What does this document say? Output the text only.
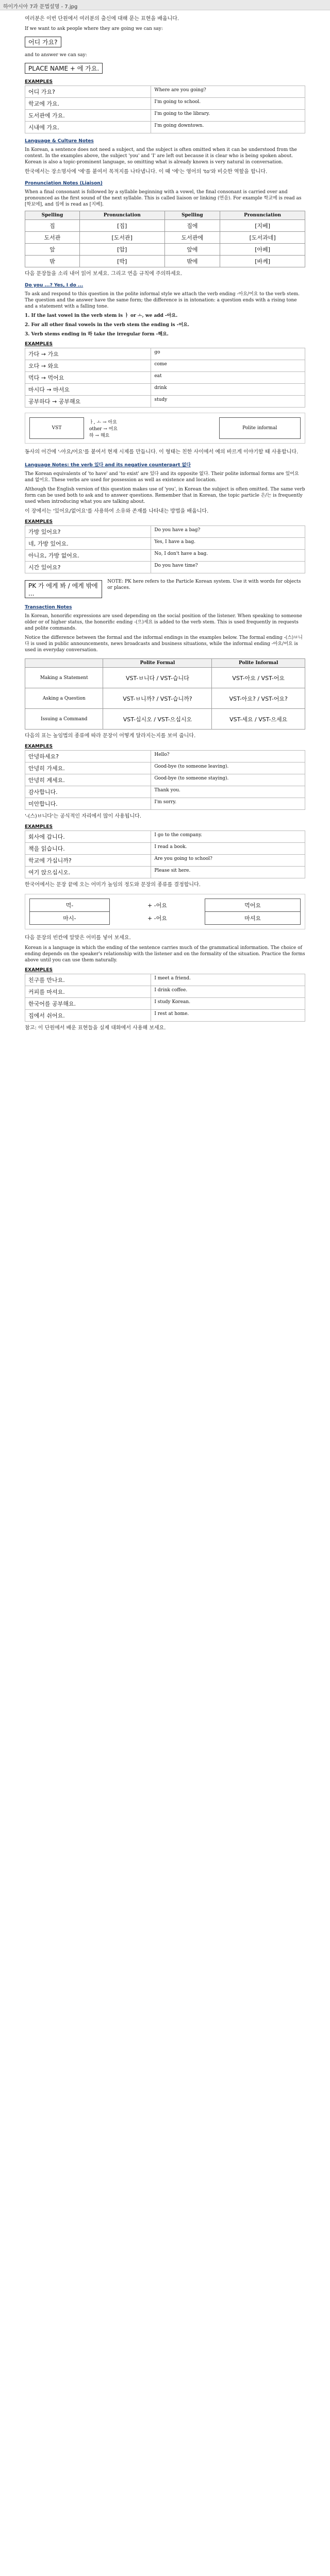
하이가시아 7과 문법설명 - 7.jpg
여러분은 이번 단원에서 여러분의 출신에 대해 묻는 표현을 배웁니다.
If we want to ask people where they are going we can say:
어디 가요?
and to answer we can say:
PLACE NAME + 에 가요.
EXAMPLES
어디 가요?	Where are you going?
학교에 가요.	I'm going to school.
도서관에 가요.	I'm going to the library.
시내에 가요.	I'm going downtown.
Language & Culture Notes
In Korean, a sentence does not need a subject, and the subject is often omitted when it can be understood from the context. In the examples above, the subject 'you' and 'I' are left out because it is clear who is being spoken about. Korean is also a topic-prominent language, so omitting what is already known is very natural in conversation.
한국에서는 장소명사에 '에'를 붙여서 목적지를 나타냅니다. 이 때 '에'는 영어의 'to'와 비슷한 역할을 합니다.
Pronunciation Notes (Liaison)
When a final consonant is followed by a syllable beginning with a vowel, the final consonant is carried over and pronounced as the first sound of the next syllable. This is called liaison or linking (연음). For example 학교에 is read as [학꾜에], and 집에 is read as [지베].
Spelling	Pronunciation	Spelling	Pronunciation
집	[집]	집에	[지베]
도서관	[도서관]	도서관에	[도서과네]
앞	[압]	앞에	[아페]
밖	[박]	밖에	[바께]
다음 문장들을 소리 내어 읽어 보세요. 그리고 연음 규칙에 주의하세요.
Do you ...? Yes, I do ...
To ask and respond to this question in the polite informal style we attach the verb ending -아요/어요 to the verb stem. The question and the answer have the same form; the difference is in intonation: a question ends with a rising tone and a statement with a falling tone.
1. If the last vowel in the verb stem is ㅏ or ㅗ, we add -아요.
2. For all other final vowels in the verb stem the ending is -어요.
3. Verb stems ending in 하 take the irregular form -해요.
EXAMPLES
가다 → 가요	go
오다 → 와요	come
먹다 → 먹어요	eat
마시다 → 마셔요	drink
공부하다 → 공부해요	study
VST	
ㅏ, ㅗ → 아요
other → 어요
하 → 해요
	Polite informal
동사의 어간에 '-아요/어요'를 붙여서 현재 시제를 만듭니다. 이 형태는 친한 사이에서 예의 바르게 이야기할 때 사용합니다.
Language Notes: the verb 있다 and its negative counterpart 없다
The Korean equivalents of 'to have' and 'to exist' are 있다 and its opposite 없다. Their polite informal forms are 있어요 and 없어요. These verbs are used for possession as well as existence and location.
Although the English version of this question makes use of 'you', in Korean the subject is often omitted. The same verb form can be used both to ask and to answer questions. Remember that in Korean, the topic particle 은/는 is frequently used when introducing what you are talking about.
이 장에서는 '있어요/없어요'를 사용하여 소유와 존재를 나타내는 방법을 배웁니다.
EXAMPLES
가방 있어요?	Do you have a bag?
네, 가방 있어요.	Yes, I have a bag.
아니요, 가방 없어요.	No, I don't have a bag.
시간 있어요?	Do you have time?
PK 가 에게 봐 / 에게 밖에 ...
NOTE: PK here refers to the Particle Korean system. Use it with words for objects or places.
Transaction Notes
In Korean, honorific expressions are used depending on the social position of the listener. When speaking to someone older or of higher status, the honorific ending -(으)세요 is added to the verb stem. This is used frequently in requests and polite commands.
Notice the difference between the formal and the informal endings in the examples below. The formal ending -(스)ㅂ니다 is used in public announcements, news broadcasts and business situations, while the informal ending -아요/어요 is used in everyday conversation.
	Polite Formal	Polite Informal
Making a Statement	VST-ㅂ니다 / VST-습니다	VST-아요 / VST-어요
Asking a Question	VST-ㅂ니까? / VST-습니까?	VST-아요? / VST-어요?
Issuing a Command	VST-십시오 / VST-으십시오	VST-세요 / VST-으세요
다음의 표는 높임법의 종류에 따라 문장이 어떻게 달라지는지를 보여 줍니다.
EXAMPLES
안녕하세요?	Hello?
안녕히 가세요.	Good-bye (to someone leaving).
안녕히 계세요.	Good-bye (to someone staying).
감사합니다.	Thank you.
미안합니다.	I'm sorry.
'-(스)ㅂ니다'는 공식적인 자리에서 많이 사용됩니다.
EXAMPLES
회사에 갑니다.	I go to the company.
책을 읽습니다.	I read a book.
학교에 가십니까?	Are you going to school?
여기 앉으십시오.	Please sit here.
한국어에서는 문장 끝에 오는 어미가 높임의 정도와 문장의 종류를 결정합니다.
먹-	+ -어요	먹어요
마시-	+ -어요	마셔요
다음 문장의 빈칸에 알맞은 어미를 넣어 보세요.
Korean is a language in which the ending of the sentence carries much of the grammatical information. The choice of ending depends on the speaker's relationship with the listener and on the formality of the situation. Practice the forms above until you can use them naturally.
EXAMPLES
친구를 만나요.	I meet a friend.
커피를 마셔요.	I drink coffee.
한국어를 공부해요.	I study Korean.
집에서 쉬어요.	I rest at home.
참고: 이 단원에서 배운 표현들을 실제 대화에서 사용해 보세요.
